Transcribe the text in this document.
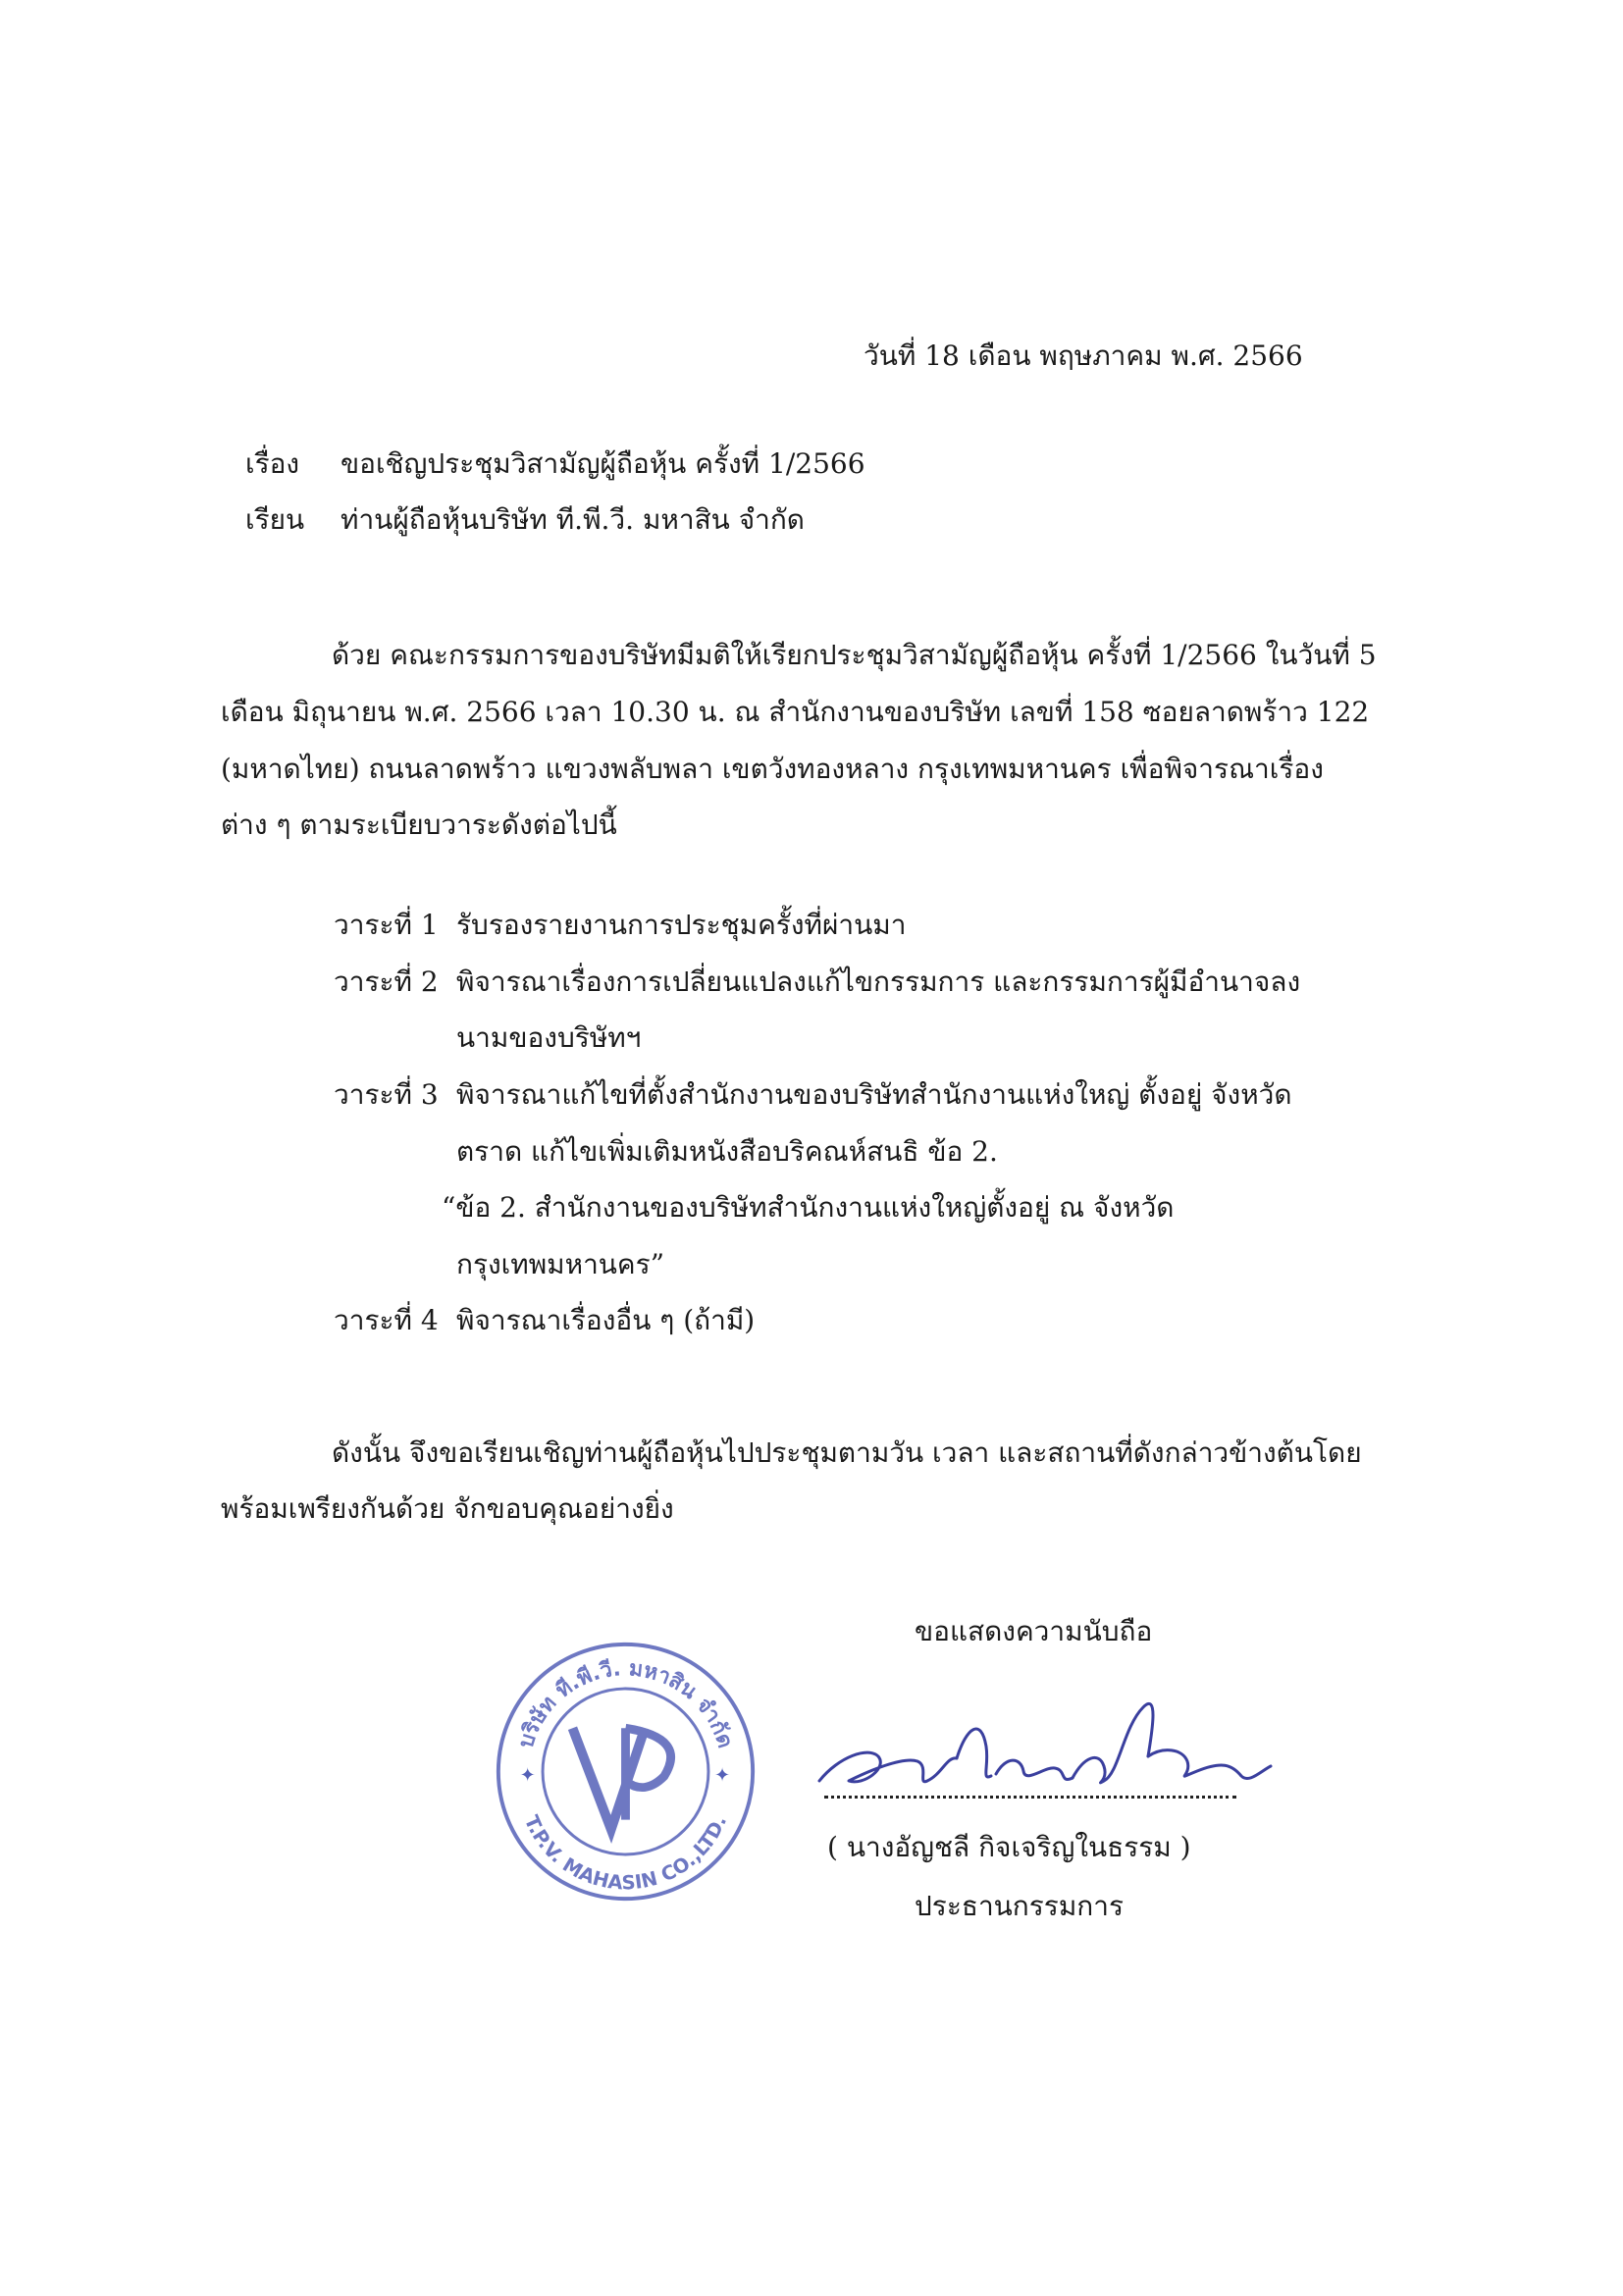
วันที่ 18 เดือน พฤษภาคม พ.ศ. 2566
เรื่อง ขอเชิญประชุมวิสามัญผู้ถือหุ้น ครั้งที่ 1/2566
เรียน ท่านผู้ถือหุ้นบริษัท ที.พี.วี. มหาสิน จำกัด
ด้วย คณะกรรมการของบริษัทมีมติให้เรียกประชุมวิสามัญผู้ถือหุ้น ครั้งที่ 1/2566 ในวันที่ 5
เดือน มิถุนายน พ.ศ. 2566 เวลา 10.30 น. ณ สำนักงานของบริษัท เลขที่ 158 ซอยลาดพร้าว 122
(มหาดไทย) ถนนลาดพร้าว แขวงพลับพลา เขตวังทองหลาง กรุงเทพมหานคร เพื่อพิจารณาเรื่อง
ต่าง ๆ ตามระเบียบวาระดังต่อไปนี้
วาระที่ 1 รับรองรายงานการประชุมครั้งที่ผ่านมา
วาระที่ 2 พิจารณาเรื่องการเปลี่ยนแปลงแก้ไขกรรมการ และกรรมการผู้มีอำนาจลง
นามของบริษัทฯ
วาระที่ 3 พิจารณาแก้ไขที่ตั้งสำนักงานของบริษัทสำนักงานแห่งใหญ่ ตั้งอยู่ จังหวัด
ตราด แก้ไขเพิ่มเติมหนังสือบริคณห์สนธิ ข้อ 2.
“ข้อ 2. สำนักงานของบริษัทสำนักงานแห่งใหญ่ตั้งอยู่ ณ จังหวัด
กรุงเทพมหานคร”
วาระที่ 4 พิจารณาเรื่องอื่น ๆ (ถ้ามี)
ดังนั้น จึงขอเรียนเชิญท่านผู้ถือหุ้นไปประชุมตามวัน เวลา และสถานที่ดังกล่าวข้างต้นโดย
พร้อมเพรียงกันด้วย จักขอบคุณอย่างยิ่ง
ขอแสดงความนับถือ
บริษัท ที.พี.วี. มหาสิน จำกัด
T.P.V. MAHASIN CO.,LTD.
✦	✦
( นางอัญชลี กิจเจริญในธรรม )
ประธานกรรมการ
